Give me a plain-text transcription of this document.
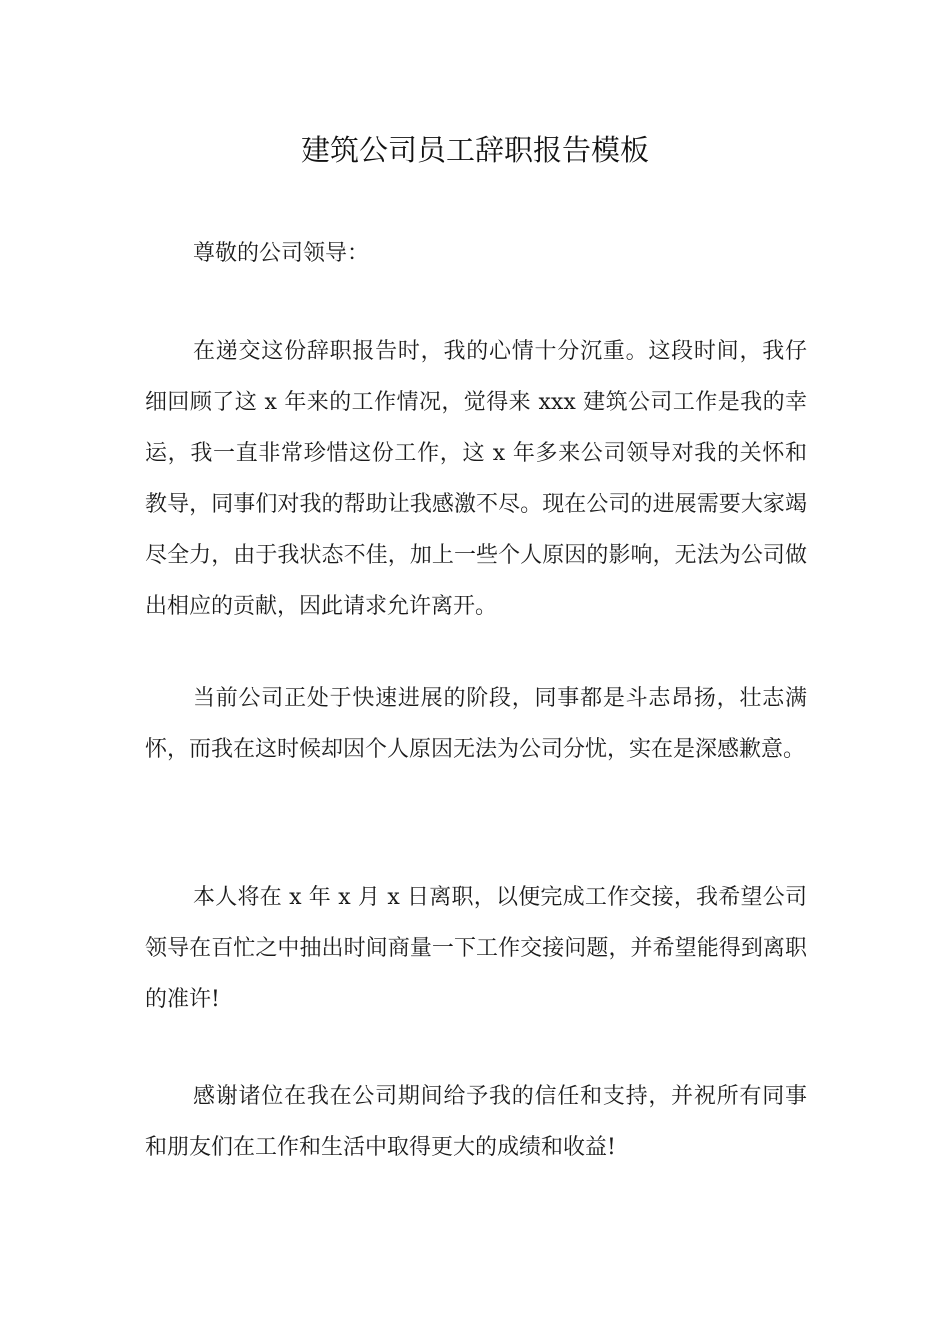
建筑公司员工辞职报告模板

尊敬的公司领导：

在递交这份辞职报告时，我的心情十分沉重。这段时间，我仔细回顾了这 x 年来的工作情况，觉得来 xxx 建筑公司工作是我的幸运，我一直非常珍惜这份工作，这 x 年多来公司领导对我的关怀和教导，同事们对我的帮助让我感激不尽。现在公司的进展需要大家竭尽全力，由于我状态不佳，加上一些个人原因的影响，无法为公司做出相应的贡献，因此请求允许离开。

当前公司正处于快速进展的阶段，同事都是斗志昂扬，壮志满怀，而我在这时候却因个人原因无法为公司分忧，实在是深感歉意。

本人将在 x 年 x 月 x 日离职，以便完成工作交接，我希望公司领导在百忙之中抽出时间商量一下工作交接问题，并希望能得到离职的准许!

感谢诸位在我在公司期间给予我的信任和支持，并祝所有同事和朋友们在工作和生活中取得更大的成绩和收益!
